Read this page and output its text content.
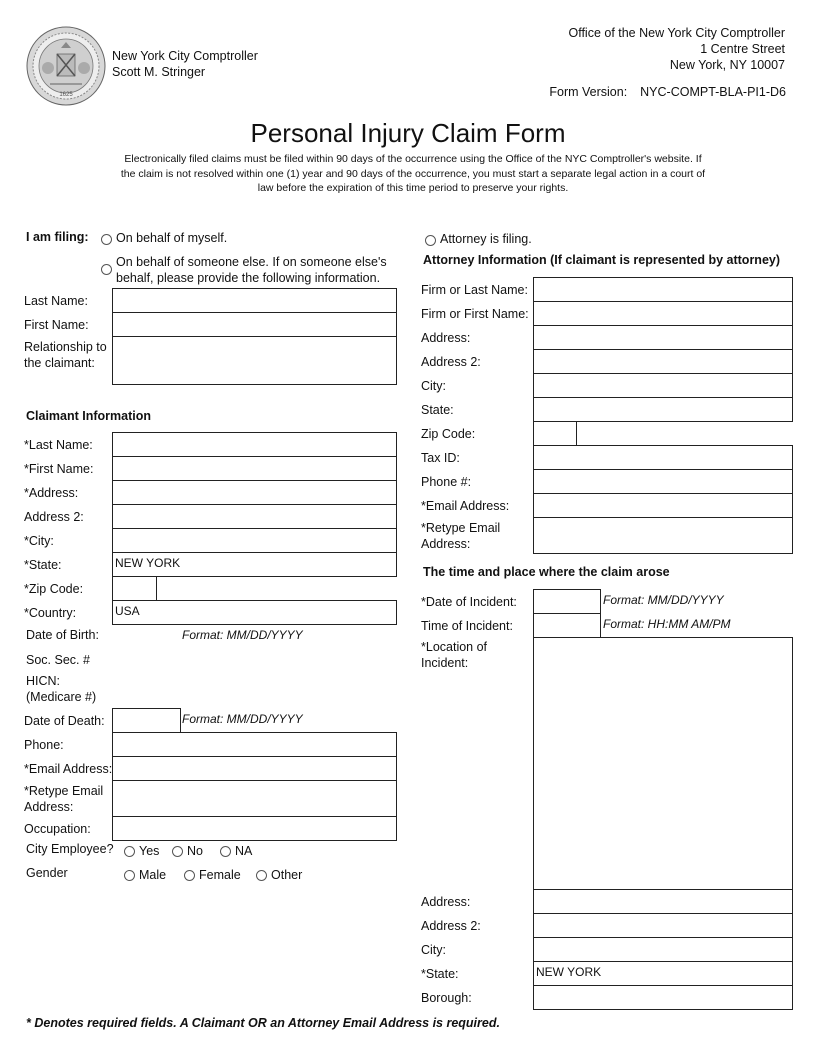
1625
New York City Comptroller
Scott M. Stringer
Office of the New York City Comptroller
1 Centre Street
New York, NY 10007
Form Version: NYC-COMPT-BLA-PI1-D6
Personal Injury Claim Form
Electronically filed claims must be filed within 90 days of the occurrence using the Office of the NYC Comptroller's website. If the claim is not resolved within one (1) year and 90 days of the occurrence, you must start a separate legal action in a court of law before the expiration of this time period to preserve your rights.
I am filing: On behalf of myself.
On behalf of someone else. If on someone else's behalf, please provide the following information.
Attorney is filing.
Last Name:
First Name:
Relationship to the claimant:
Claimant Information
*Last Name:
*First Name:
*Address:
Address 2:
*City:
*State:	NEW YORK
*Zip Code:
*Country:	USA
Date of Birth:	Format: MM/DD/YYYY
Soc. Sec. #
HICN:
(Medicare #)
Date of Death:	Format: MM/DD/YYYY
Phone:
*Email Address:
*Retype Email
Address:
Occupation:
City Employee? Yes No	NA
Gender	Male	Female Other
Attorney Information (If claimant is represented by attorney)
Firm or Last Name:
Firm or First Name:
Address:
Address 2:
City:
State:
Zip Code:
Tax ID:
Phone #:
*Email Address:
*Retype Email
Address:
The time and place where the claim arose
*Date of Incident:	Format: MM/DD/YYYY
Time of Incident:	Format: HH:MM AM/PM
*Location of
Incident:
Address:
Address 2:
City:
*State:	NEW YORK
Borough:
* Denotes required fields. A Claimant OR an Attorney Email Address is required.
